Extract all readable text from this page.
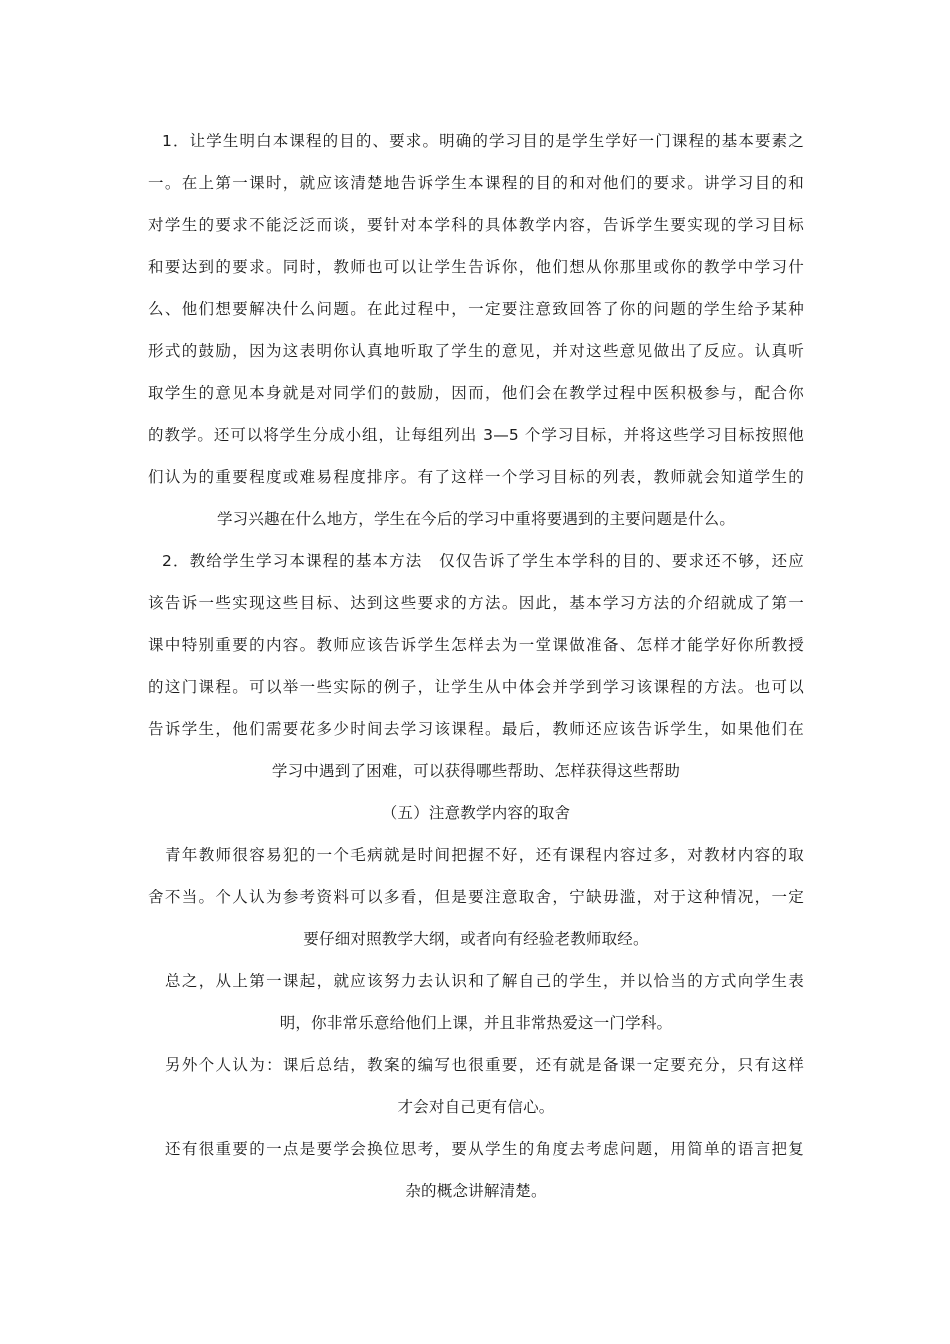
1．让学生明白本课程的目的、要求。明确的学习目的是学生学好一门课程的基本要素之
一。在上第一课时，就应该清楚地告诉学生本课程的目的和对他们的要求。讲学习目的和
对学生的要求不能泛泛而谈，要针对本学科的具体教学内容，告诉学生要实现的学习目标
和要达到的要求。同时，教师也可以让学生告诉你，他们想从你那里或你的教学中学习什
么、他们想要解决什么问题。在此过程中，一定要注意致回答了你的问题的学生给予某种
形式的鼓励，因为这表明你认真地听取了学生的意见，并对这些意见做出了反应。认真听
取学生的意见本身就是对同学们的鼓励，因而，他们会在教学过程中医积极参与，配合你
的教学。还可以将学生分成小组，让每组列出 3—5 个学习目标，并将这些学习目标按照他
们认为的重要程度或难易程度排序。有了这样一个学习目标的列表，教师就会知道学生的
学习兴趣在什么地方，学生在今后的学习中重将要遇到的主要问题是什么。
2．教给学生学习本课程的基本方法　仅仅告诉了学生本学科的目的、要求还不够，还应
该告诉一些实现这些目标、达到这些要求的方法。因此，基本学习方法的介绍就成了第一
课中特别重要的内容。教师应该告诉学生怎样去为一堂课做准备、怎样才能学好你所教授
的这门课程。可以举一些实际的例子，让学生从中体会并学到学习该课程的方法。也可以
告诉学生，他们需要花多少时间去学习该课程。最后，教师还应该告诉学生，如果他们在
学习中遇到了困难，可以获得哪些帮助、怎样获得这些帮助
（五）注意教学内容的取舍
青年教师很容易犯的一个毛病就是时间把握不好，还有课程内容过多，对教材内容的取
舍不当。个人认为参考资料可以多看，但是要注意取舍，宁缺毋滥，对于这种情况，一定
要仔细对照教学大纲，或者向有经验老教师取经。
总之，从上第一课起，就应该努力去认识和了解自己的学生，并以恰当的方式向学生表
明，你非常乐意给他们上课，并且非常热爱这一门学科。
另外个人认为：课后总结，教案的编写也很重要，还有就是备课一定要充分，只有这样
才会对自己更有信心。
还有很重要的一点是要学会换位思考，要从学生的角度去考虑问题，用简单的语言把复
杂的概念讲解清楚。
